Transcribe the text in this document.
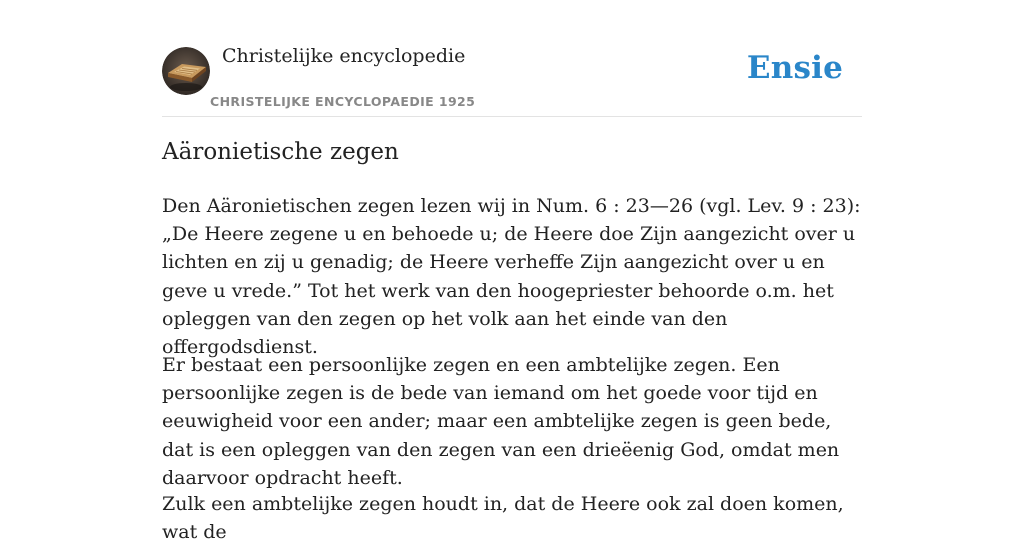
Christelijke encyclopedie
CHRISTELIJKE ENCYCLOPAEDIE 1925
Ensie
Aäronietische zegen

Den Aäronietischen zegen lezen wij in Num. 6 : 23—26 (vgl. Lev. 9 : 23): „De Heere zegene u en behoede u; de Heere doe Zijn aangezicht over u lichten en zij u genadig; de Heere verheffe Zijn aangezicht over u en geve u vrede.” Tot het werk van den hoogepriester behoorde o.m. het opleggen van den zegen op het volk aan het einde van den offergodsdienst.

Er bestaat een persoonlijke zegen en een ambtelijke zegen. Een persoonlijke zegen is de bede van iemand om het goede voor tijd en eeuwigheid voor een ander; maar een ambtelijke zegen is geen bede, dat is een opleggen van den zegen van een drieëenig God, omdat men daarvoor opdracht heeft.

Zulk een ambtelijke zegen houdt in, dat de Heere ook zal doen komen, wat de
